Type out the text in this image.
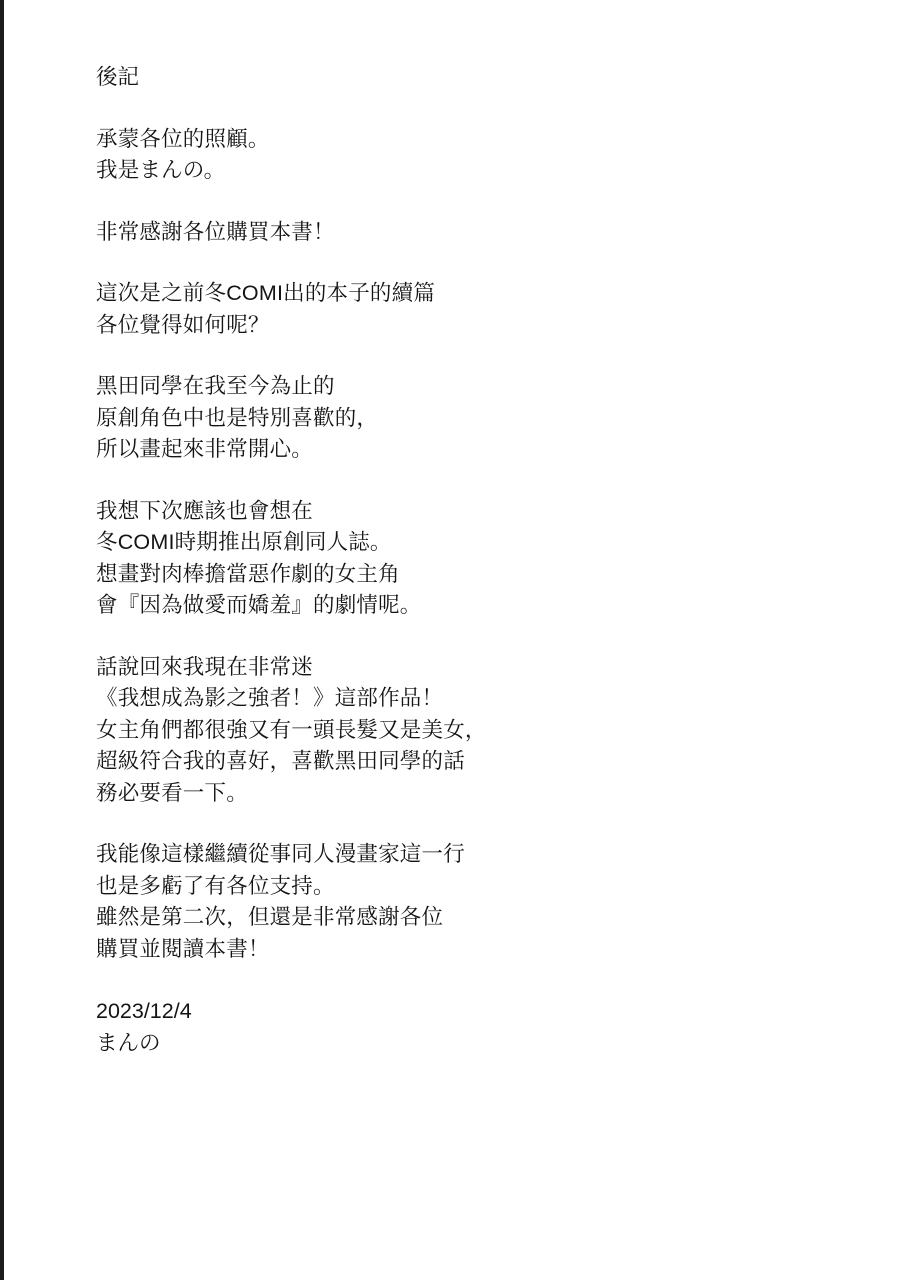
後記
承蒙各位的照顧。
我是まんの。
非常感謝各位購買本書！
這次是之前冬COMI出的本子的續篇
各位覺得如何呢？
黑田同學在我至今為止的
原創角色中也是特別喜歡的，
所以畫起來非常開心。
我想下次應該也會想在
冬COMI時期推出原創同人誌。
想畫對肉棒擔當惡作劇的女主角
會『因為做愛而嬌羞』的劇情呢。
話說回來我現在非常迷
《我想成為影之強者！》這部作品！
女主角們都很強又有一頭長髮又是美女，
超級符合我的喜好，喜歡黑田同學的話
務必要看一下。
我能像這樣繼續從事同人漫畫家這一行
也是多虧了有各位支持。
雖然是第二次，但還是非常感謝各位
購買並閱讀本書！
2023/12/4
まんの
